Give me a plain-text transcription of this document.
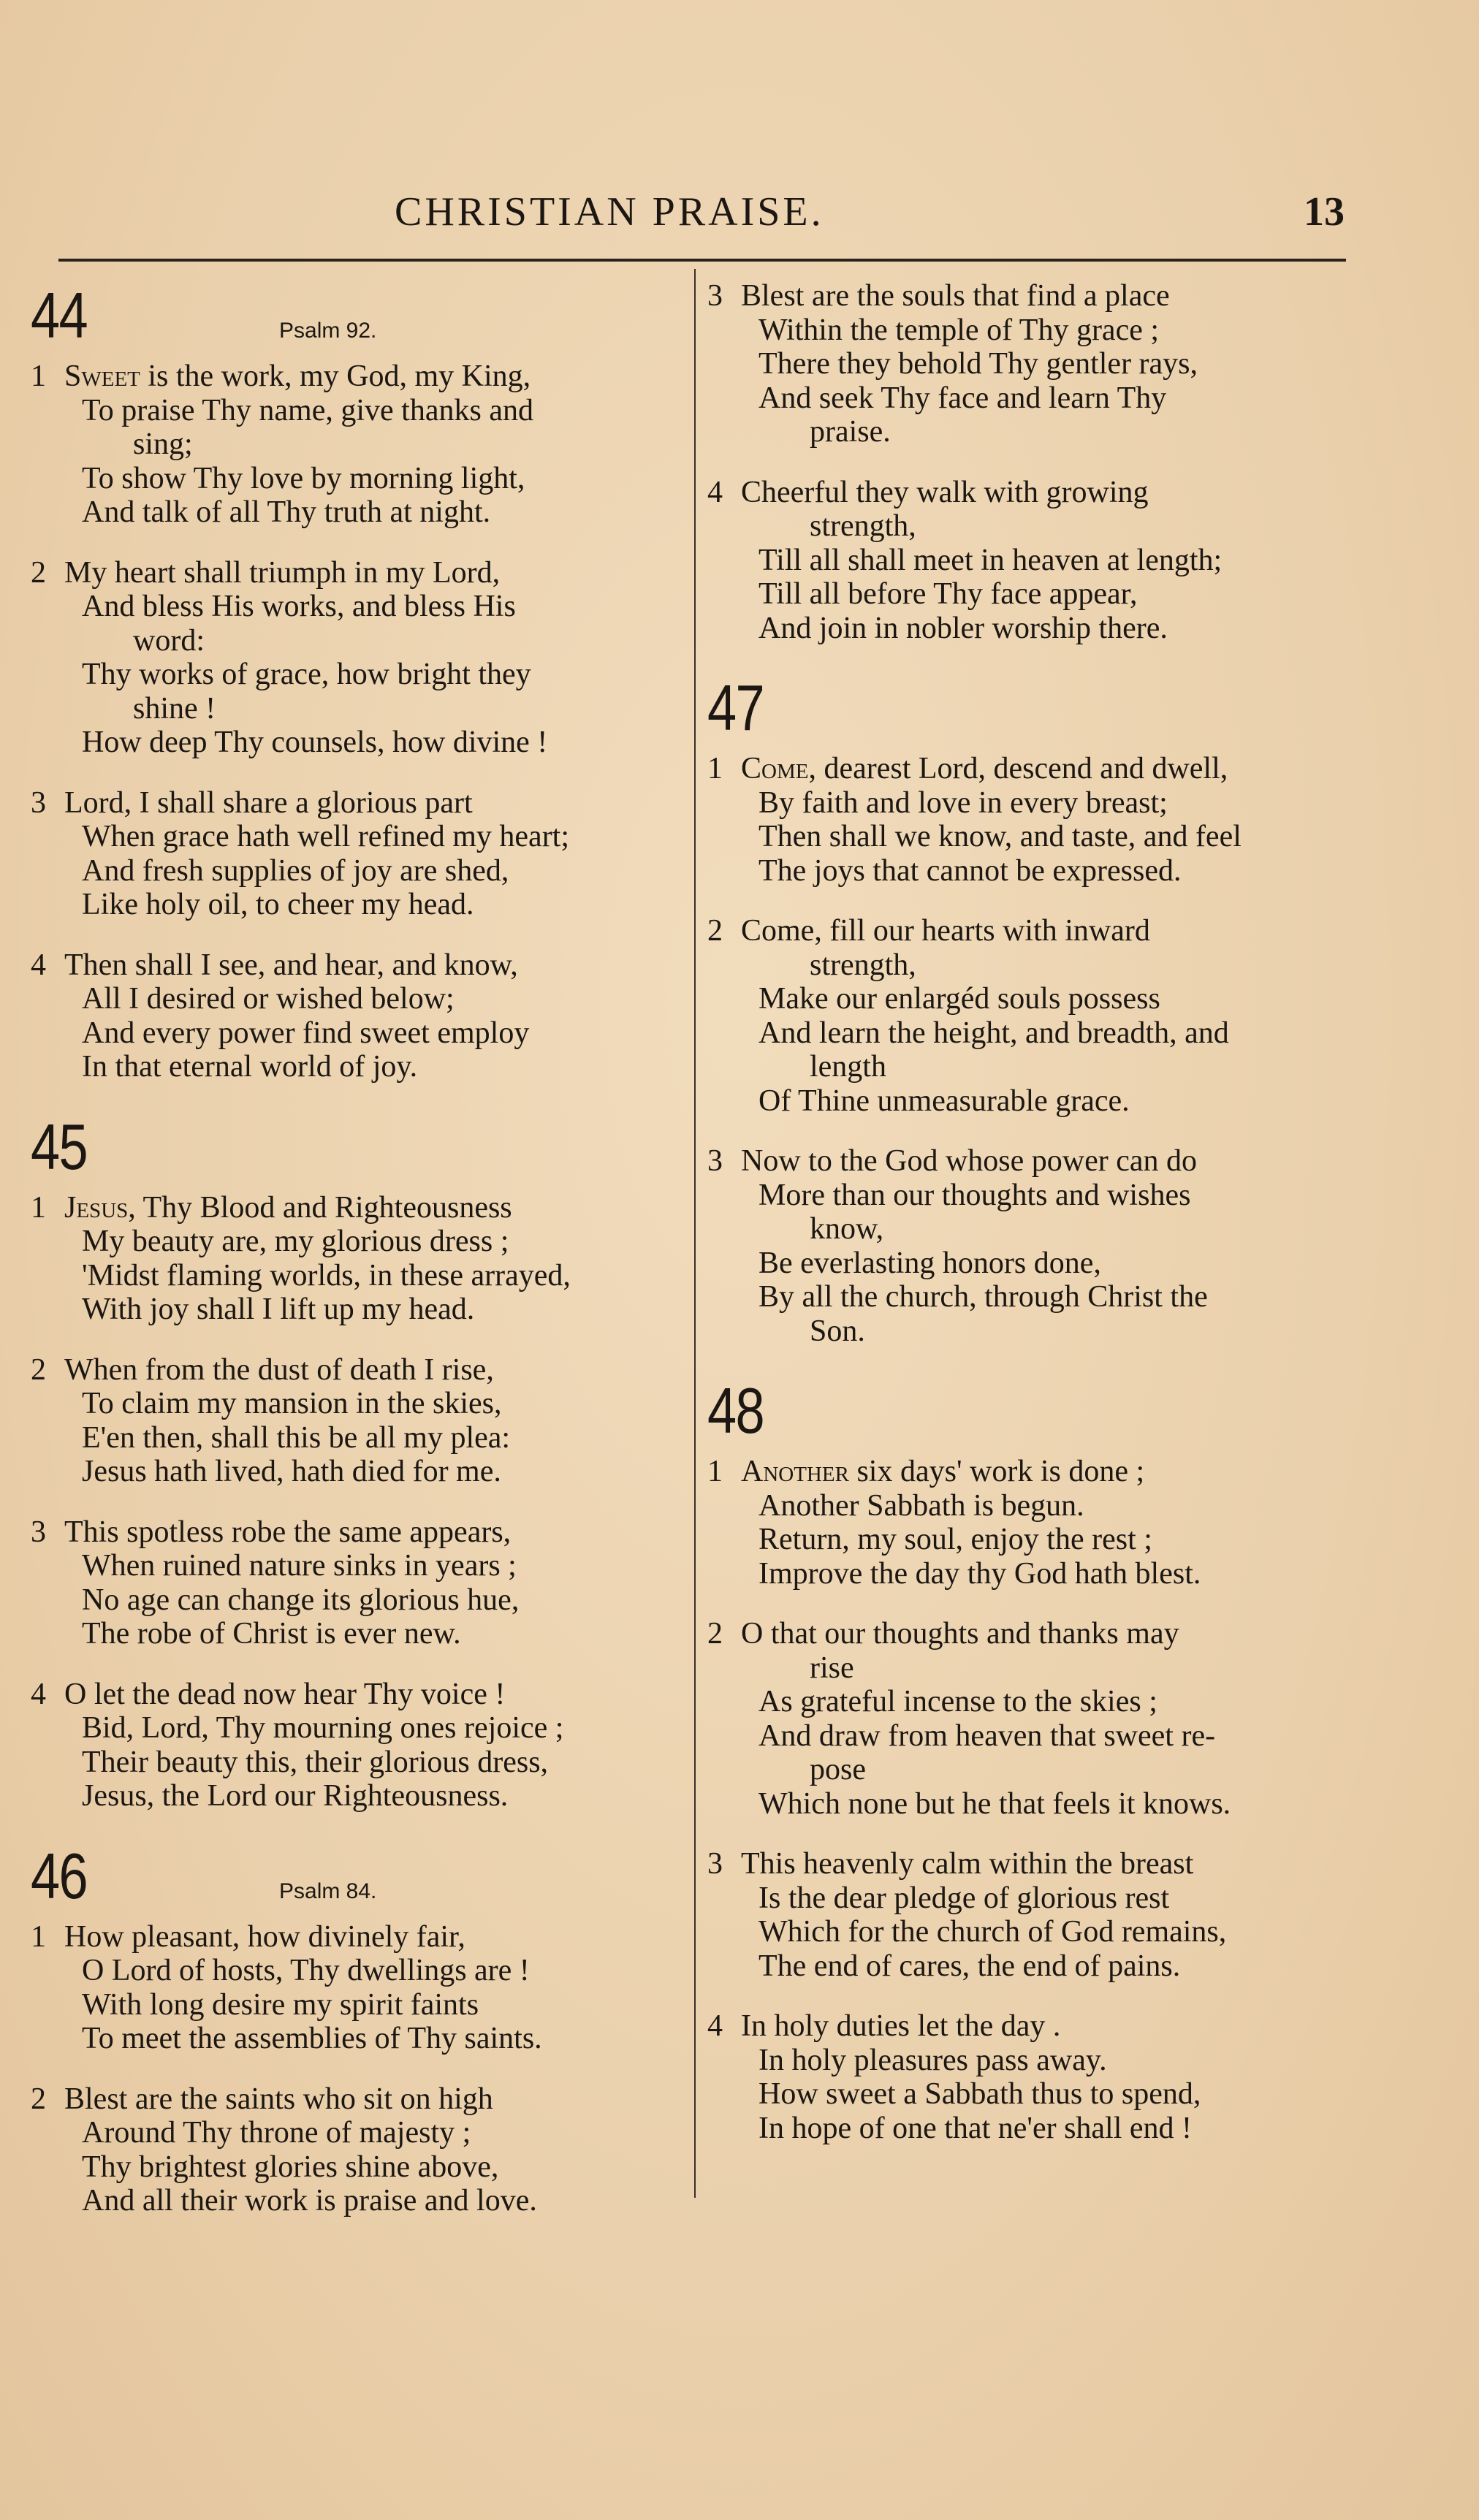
CHRISTIAN PRAISE.	13
44	Psalm 92.
1 Sweet is the work, my God, my King,
To praise Thy name, give thanks and
sing;
To show Thy love by morning light,
And talk of all Thy truth at night.
2 My heart shall triumph in my Lord,
And bless His works, and bless His
word:
Thy works of grace, how bright they
shine !
How deep Thy counsels, how divine !
3 Lord, I shall share a glorious part
When grace hath well refined my heart;
And fresh supplies of joy are shed,
Like holy oil, to cheer my head.
4 Then shall I see, and hear, and know,
All I desired or wished below;
And every power find sweet employ
In that eternal world of joy.
45
1 Jesus, Thy Blood and Righteousness
My beauty are, my glorious dress ;
'Midst flaming worlds, in these arrayed,
With joy shall I lift up my head.
2 When from the dust of death I rise,
To claim my mansion in the skies,
E'en then, shall this be all my plea:
Jesus hath lived, hath died for me.
3 This spotless robe the same appears,
When ruined nature sinks in years ;
No age can change its glorious hue,
The robe of Christ is ever new.
4 O let the dead now hear Thy voice !
Bid, Lord, Thy mourning ones rejoice ;
Their beauty this, their glorious dress,
Jesus, the Lord our Righteousness.
46	Psalm 84.
1 How pleasant, how divinely fair,
O Lord of hosts, Thy dwellings are !
With long desire my spirit faints
To meet the assemblies of Thy saints.
2 Blest are the saints who sit on high
Around Thy throne of majesty ;
Thy brightest glories shine above,
And all their work is praise and love.
3 Blest are the souls that find a place
Within the temple of Thy grace ;
There they behold Thy gentler rays,
And seek Thy face and learn Thy
praise.
4 Cheerful they walk with growing
strength,
Till all shall meet in heaven at length;
Till all before Thy face appear,
And join in nobler worship there.
47
1 Come, dearest Lord, descend and dwell,
By faith and love in every breast;
Then shall we know, and taste, and feel
The joys that cannot be expressed.
2 Come, fill our hearts with inward
strength,
Make our enlargéd souls possess
And learn the height, and breadth, and
length
Of Thine unmeasurable grace.
3 Now to the God whose power can do
More than our thoughts and wishes
know,
Be everlasting honors done,
By all the church, through Christ the
Son.
48
1 Another six days' work is done ;
Another Sabbath is begun.
Return, my soul, enjoy the rest ;
Improve the day thy God hath blest.
2 O that our thoughts and thanks may
rise
As grateful incense to the skies ;
And draw from heaven that sweet re-
pose
Which none but he that feels it knows.
3 This heavenly calm within the breast
Is the dear pledge of glorious rest
Which for the church of God remains,
The end of cares, the end of pains.
4 In holy duties let the day .
In holy pleasures pass away.
How sweet a Sabbath thus to spend,
In hope of one that ne'er shall end !
